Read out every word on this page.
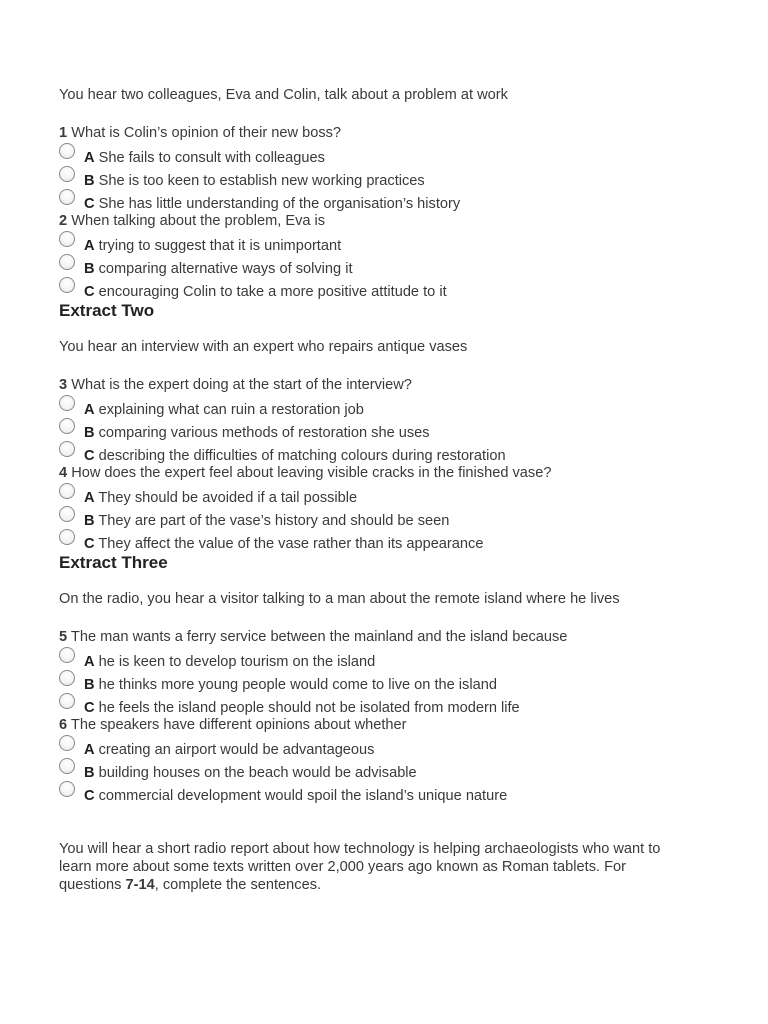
You hear two colleagues, Eva and Colin, talk about a problem at work

1 What is Colin’s opinion of their new boss?

A She fails to consult with colleagues
B She is too keen to establish new working practices
C She has little understanding of the organisation’s history

2 When talking about the problem, Eva is

A trying to suggest that it is unimportant
B comparing alternative ways of solving it
C encouraging Colin to take a more positive attitude to it
Extract Two

You hear an interview with an expert who repairs antique vases

3 What is the expert doing at the start of the interview?

A explaining what can ruin a restoration job
B comparing various methods of restoration she uses
C describing the difficulties of matching colours during restoration

4 How does the expert feel about leaving visible cracks in the finished vase?

A They should be avoided if a tail possible
B They are part of the vase’s history and should be seen
C They affect the value of the vase rather than its appearance
Extract Three

On the radio, you hear a visitor talking to a man about the remote island where he lives

5 The man wants a ferry service between the mainland and the island because

A he is keen to develop tourism on the island
B he thinks more young people would come to live on the island
C he feels the island people should not be isolated from modern life

6 The speakers have different opinions about whether

A creating an airport would be advantageous
B building houses on the beach would be advisable
C commercial development would spoil the island’s unique nature

You will hear a short radio report about how technology is helping archaeologists who want to learn more about some texts written over 2,000 years ago known as Roman tablets. For questions 7-14, complete the sentences.
